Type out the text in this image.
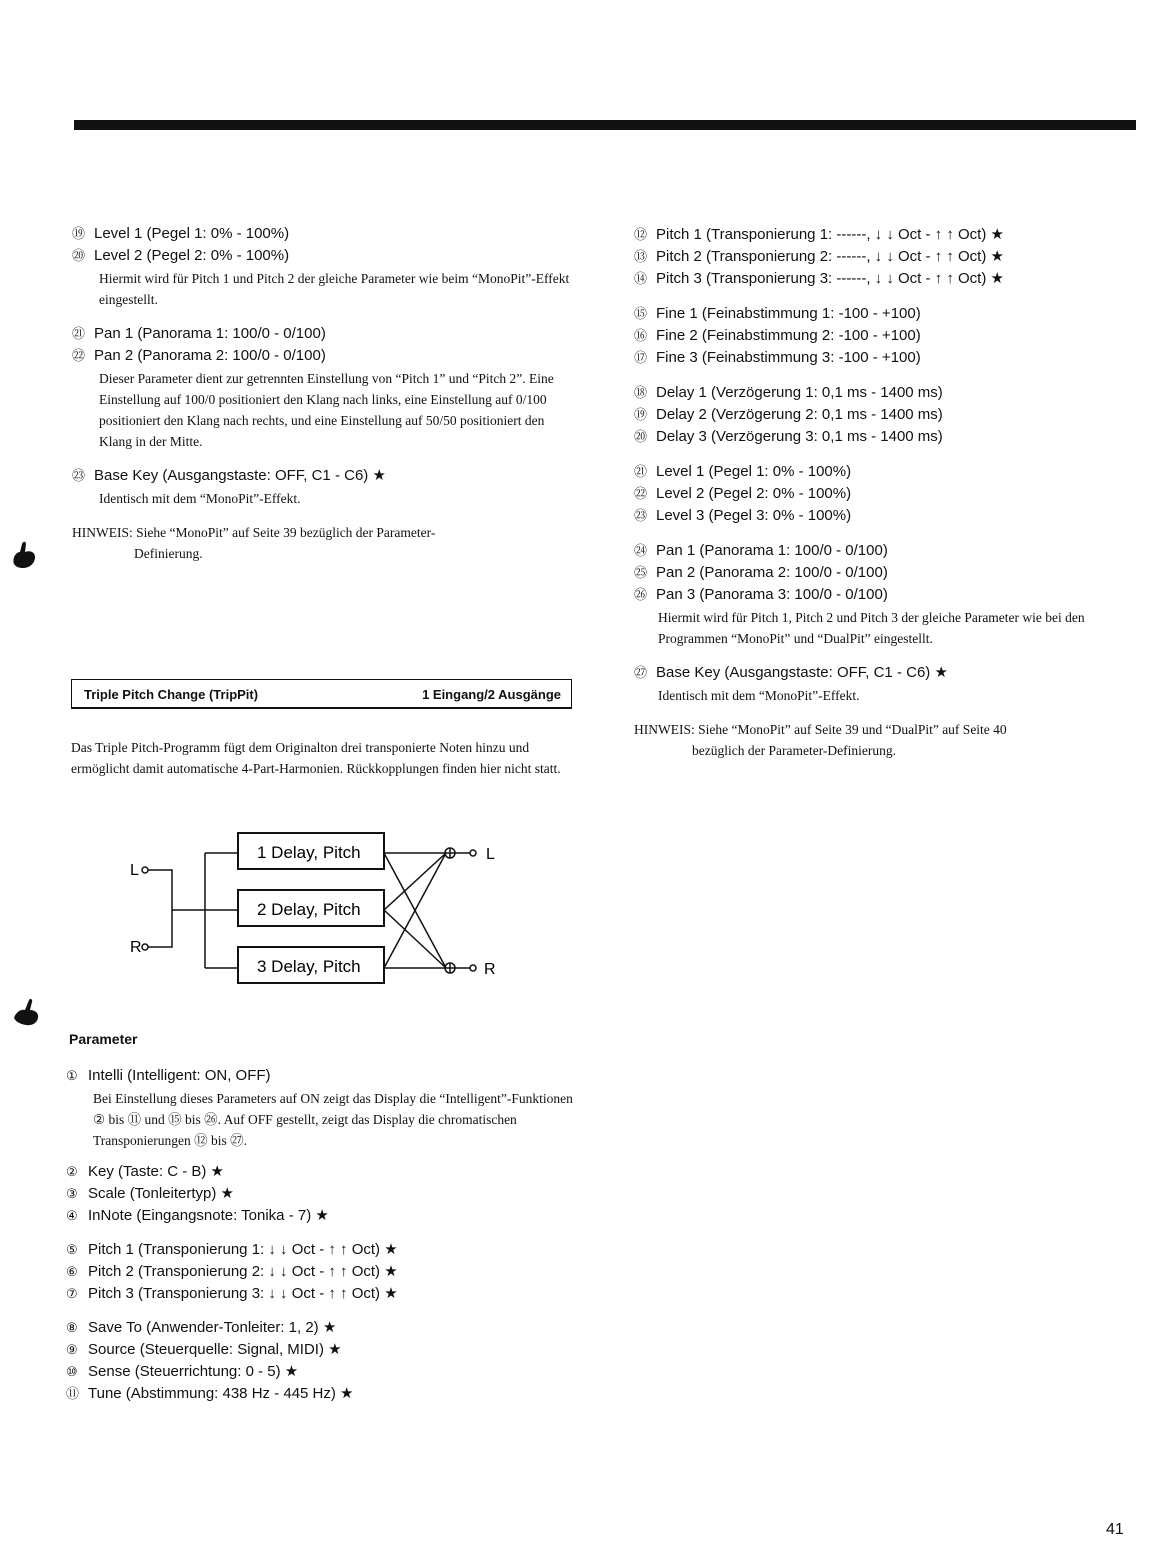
⑲ Level 1 (Pegel 1: 0% - 100%)
⑳ Level 2 (Pegel 2: 0% - 100%)

Hiermit wird für Pitch 1 und Pitch 2 der gleiche Parameter wie beim “MonoPit”-Effekt eingestellt.

㉑ Pan 1 (Panorama 1: 100/0 - 0/100)
㉒ Pan 2 (Panorama 2: 100/0 - 0/100)

Dieser Parameter dient zur getrennten Einstellung von “Pitch 1” und “Pitch 2”. Eine Einstellung auf 100/0 positioniert den Klang nach links, eine Einstellung auf 0/100 positioniert den Klang nach rechts, und eine Einstellung auf 50/50 positioniert den Klang in der Mitte.

㉓ Base Key (Ausgangstaste: OFF, C1 - C6) ★

Identisch mit dem “MonoPit”-Effekt.

HINWEIS: Siehe “MonoPit” auf Seite 39 bezüglich der Parameter-
Definierung.
Triple Pitch Change (TripPit)	1 Eingang/2 Ausgänge

Das Triple Pitch-Programm fügt dem Originalton drei transponierte Noten hinzu und ermöglicht damit automatische 4-Part-Harmonien. Rückkopplungen finden hier nicht statt.

L
R
L
R
1 Delay, Pitch
2 Delay, Pitch
3 Delay, Pitch
Parameter
① Intelli (Intelligent: ON, OFF)

Bei Einstellung dieses Parameters auf ON zeigt das Display die “Intelligent”-Funktionen ② bis ⑪ und ⑮ bis ㉖. Auf OFF gestellt, zeigt das Display die chromatischen Transponierungen ⑫ bis ㉗.

② Key (Taste: C - B) ★
③ Scale (Tonleitertyp) ★
④ InNote (Eingangsnote: Tonika - 7) ★
⑤ Pitch 1 (Transponierung 1: ↓ ↓ Oct - ↑ ↑ Oct) ★
⑥ Pitch 2 (Transponierung 2: ↓ ↓ Oct - ↑ ↑ Oct) ★
⑦ Pitch 3 (Transponierung 3: ↓ ↓ Oct - ↑ ↑ Oct) ★
⑧ Save To (Anwender-Tonleiter: 1, 2) ★
⑨ Source (Steuerquelle: Signal, MIDI) ★
⑩ Sense (Steuerrichtung: 0 - 5) ★
⑪ Tune (Abstimmung: 438 Hz - 445 Hz) ★
⑫ Pitch 1 (Transponierung 1: ------, ↓ ↓ Oct - ↑ ↑ Oct) ★
⑬ Pitch 2 (Transponierung 2: ------, ↓ ↓ Oct - ↑ ↑ Oct) ★
⑭ Pitch 3 (Transponierung 3: ------, ↓ ↓ Oct - ↑ ↑ Oct) ★
⑮ Fine 1 (Feinabstimmung 1: -100 - +100)
⑯ Fine 2 (Feinabstimmung 2: -100 - +100)
⑰ Fine 3 (Feinabstimmung 3: -100 - +100)
⑱ Delay 1 (Verzögerung 1: 0,1 ms - 1400 ms)
⑲ Delay 2 (Verzögerung 2: 0,1 ms - 1400 ms)
⑳ Delay 3 (Verzögerung 3: 0,1 ms - 1400 ms)
㉑ Level 1 (Pegel 1: 0% - 100%)
㉒ Level 2 (Pegel 2: 0% - 100%)
㉓ Level 3 (Pegel 3: 0% - 100%)
㉔ Pan 1 (Panorama 1: 100/0 - 0/100)
㉕ Pan 2 (Panorama 2: 100/0 - 0/100)
㉖ Pan 3 (Panorama 3: 100/0 - 0/100)

Hiermit wird für Pitch 1, Pitch 2 und Pitch 3 der gleiche Parameter wie bei den Programmen “MonoPit” und “DualPit” eingestellt.

㉗ Base Key (Ausgangstaste: OFF, C1 - C6) ★

Identisch mit dem “MonoPit”-Effekt.

HINWEIS: Siehe “MonoPit” auf Seite 39 und “DualPit” auf Seite 40
bezüglich der Parameter-Definierung.
41
